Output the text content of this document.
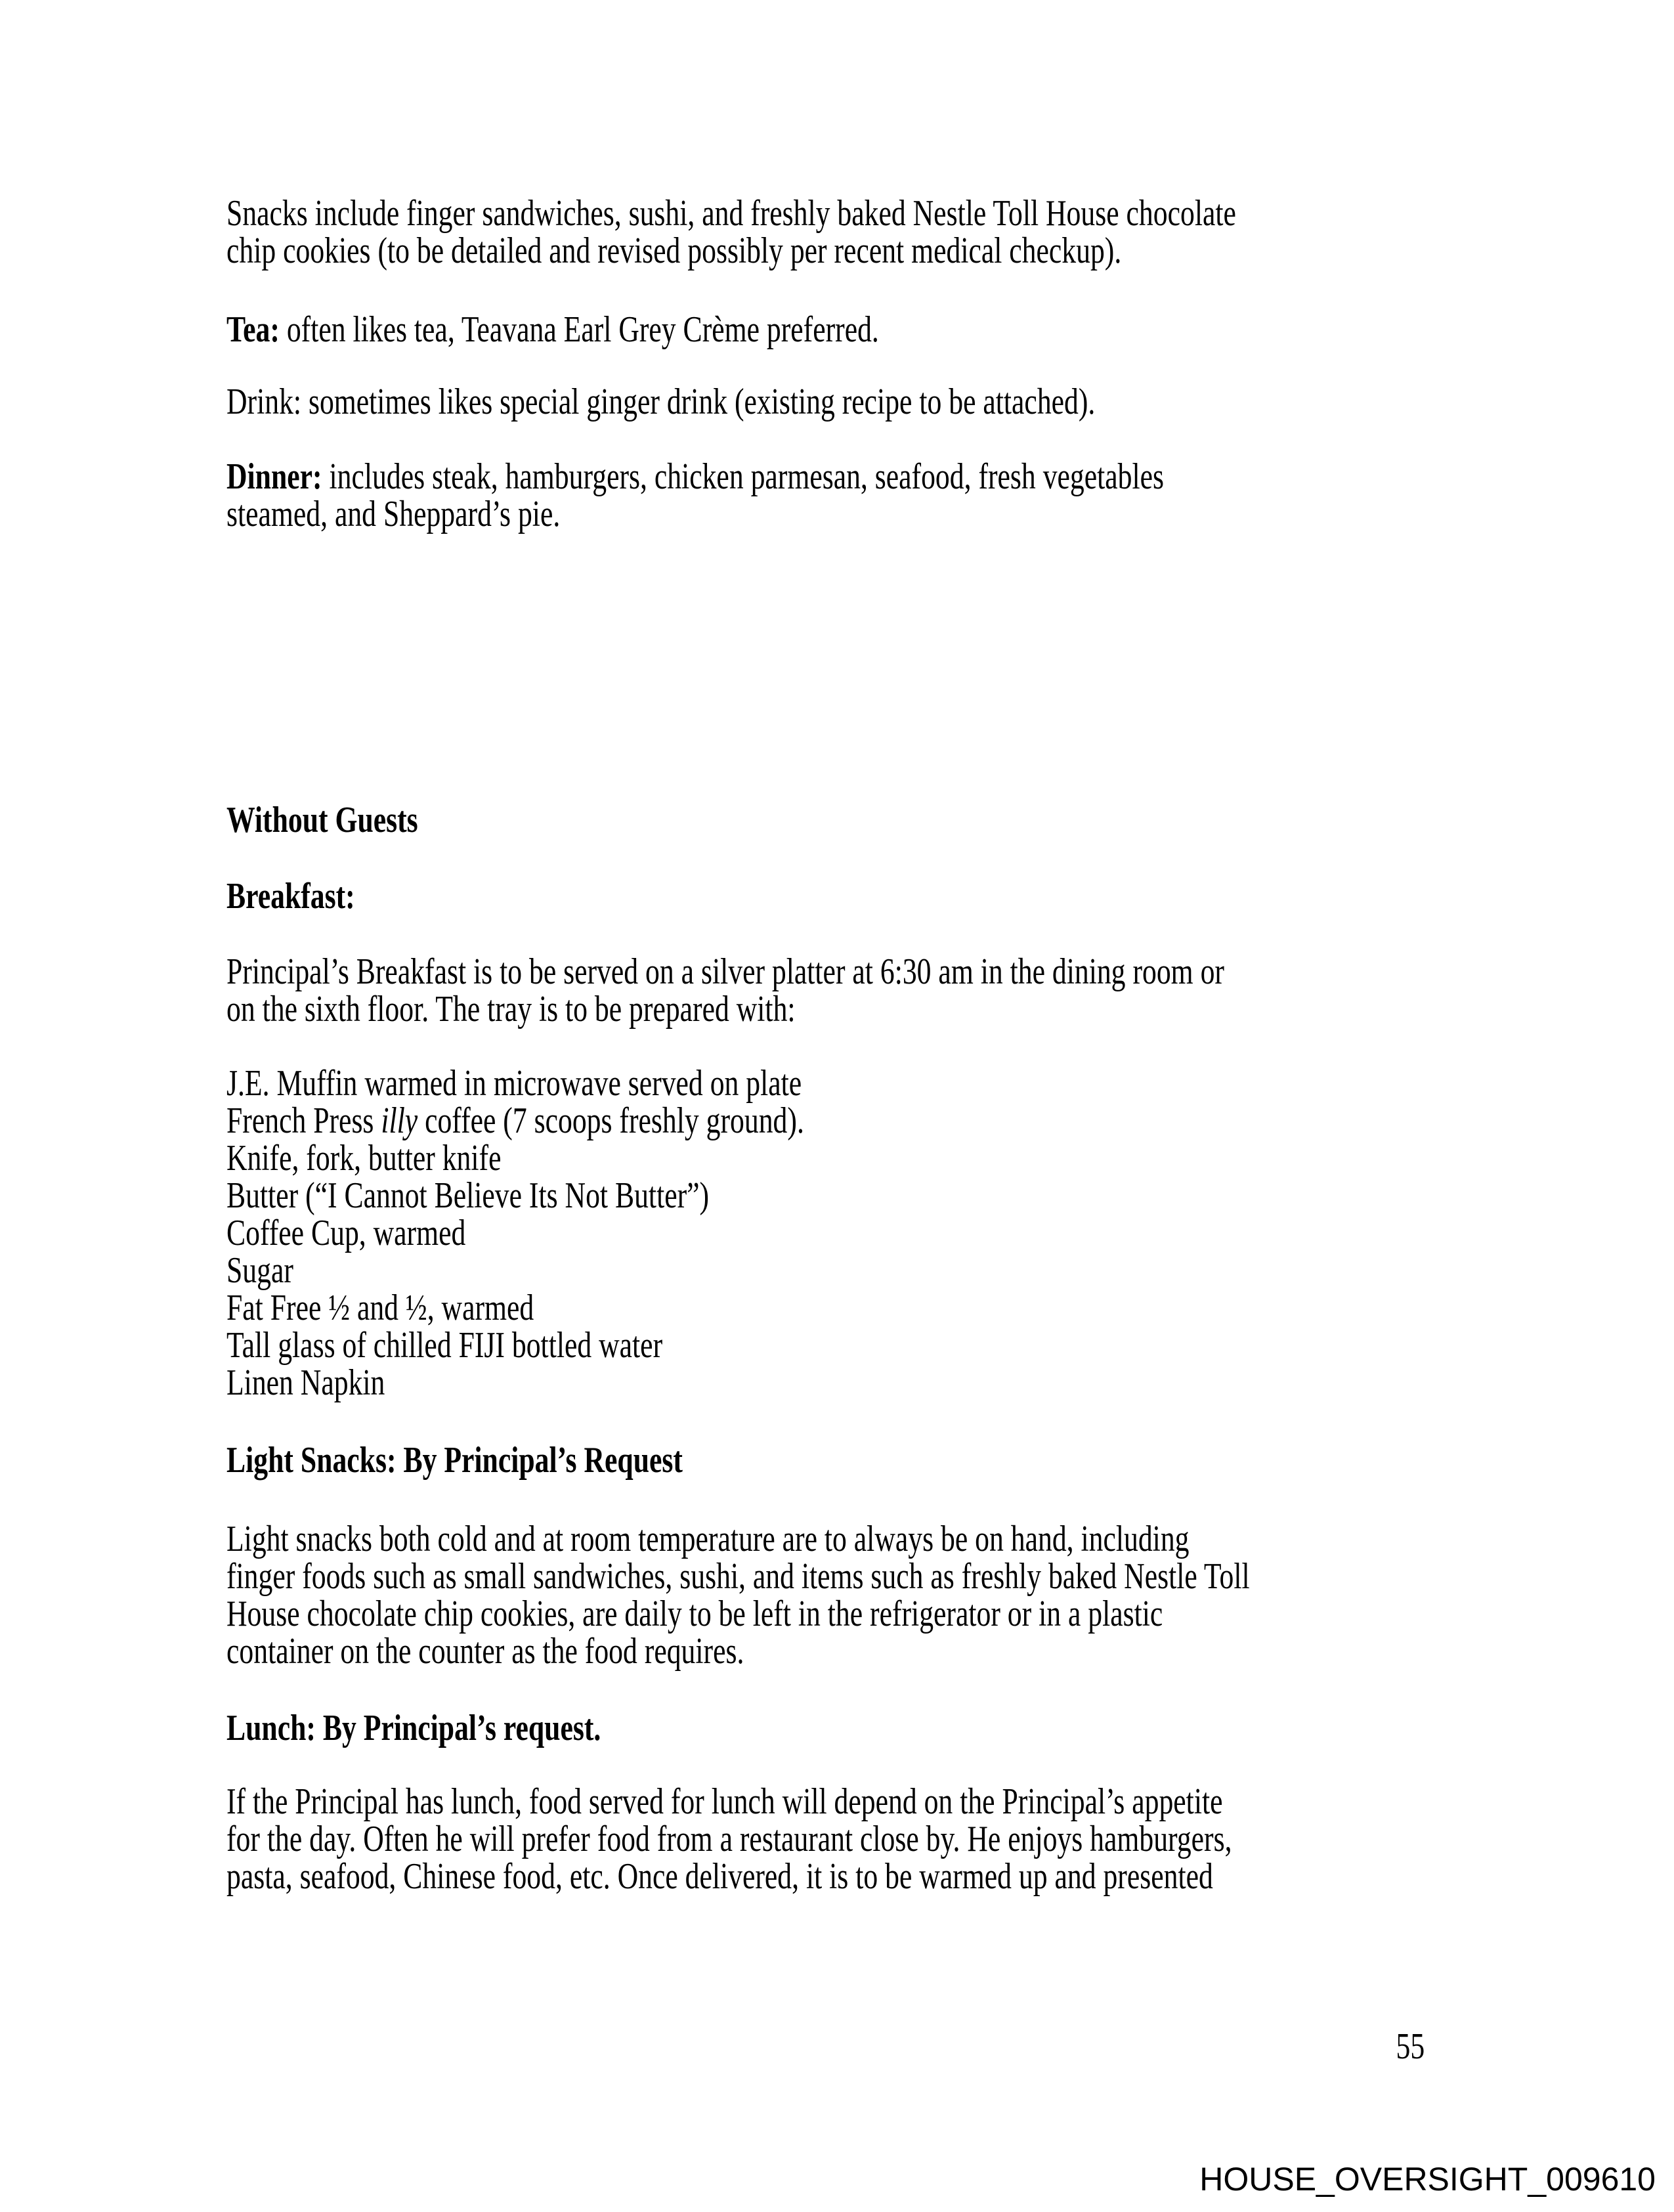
Snacks include finger sandwiches, sushi, and freshly baked Nestle Toll House chocolate
chip cookies (to be detailed and revised possibly per recent medical checkup).
Tea: often likes tea, Teavana Earl Grey Crème preferred.
Drink: sometimes likes special ginger drink (existing recipe to be attached).
Dinner: includes steak, hamburgers, chicken parmesan, seafood, fresh vegetables
steamed, and Sheppard’s pie.
Without Guests
Breakfast:
Principal’s Breakfast is to be served on a silver platter at 6:30 am in the dining room or
on the sixth floor. The tray is to be prepared with:
J.E. Muffin warmed in microwave served on plate
French Press illy coffee (7 scoops freshly ground).
Knife, fork, butter knife
Butter (“I Cannot Believe Its Not Butter”)
Coffee Cup, warmed
Sugar
Fat Free ½ and ½, warmed
Tall glass of chilled FIJI bottled water
Linen Napkin
Light Snacks: By Principal’s Request
Light snacks both cold and at room temperature are to always be on hand, including
finger foods such as small sandwiches, sushi, and items such as freshly baked Nestle Toll
House chocolate chip cookies, are daily to be left in the refrigerator or in a plastic
container on the counter as the food requires.
Lunch: By Principal’s request.
If the Principal has lunch, food served for lunch will depend on the Principal’s appetite
for the day. Often he will prefer food from a restaurant close by. He enjoys hamburgers,
pasta, seafood, Chinese food, etc. Once delivered, it is to be warmed up and presented
55
HOUSE_OVERSIGHT_009610
